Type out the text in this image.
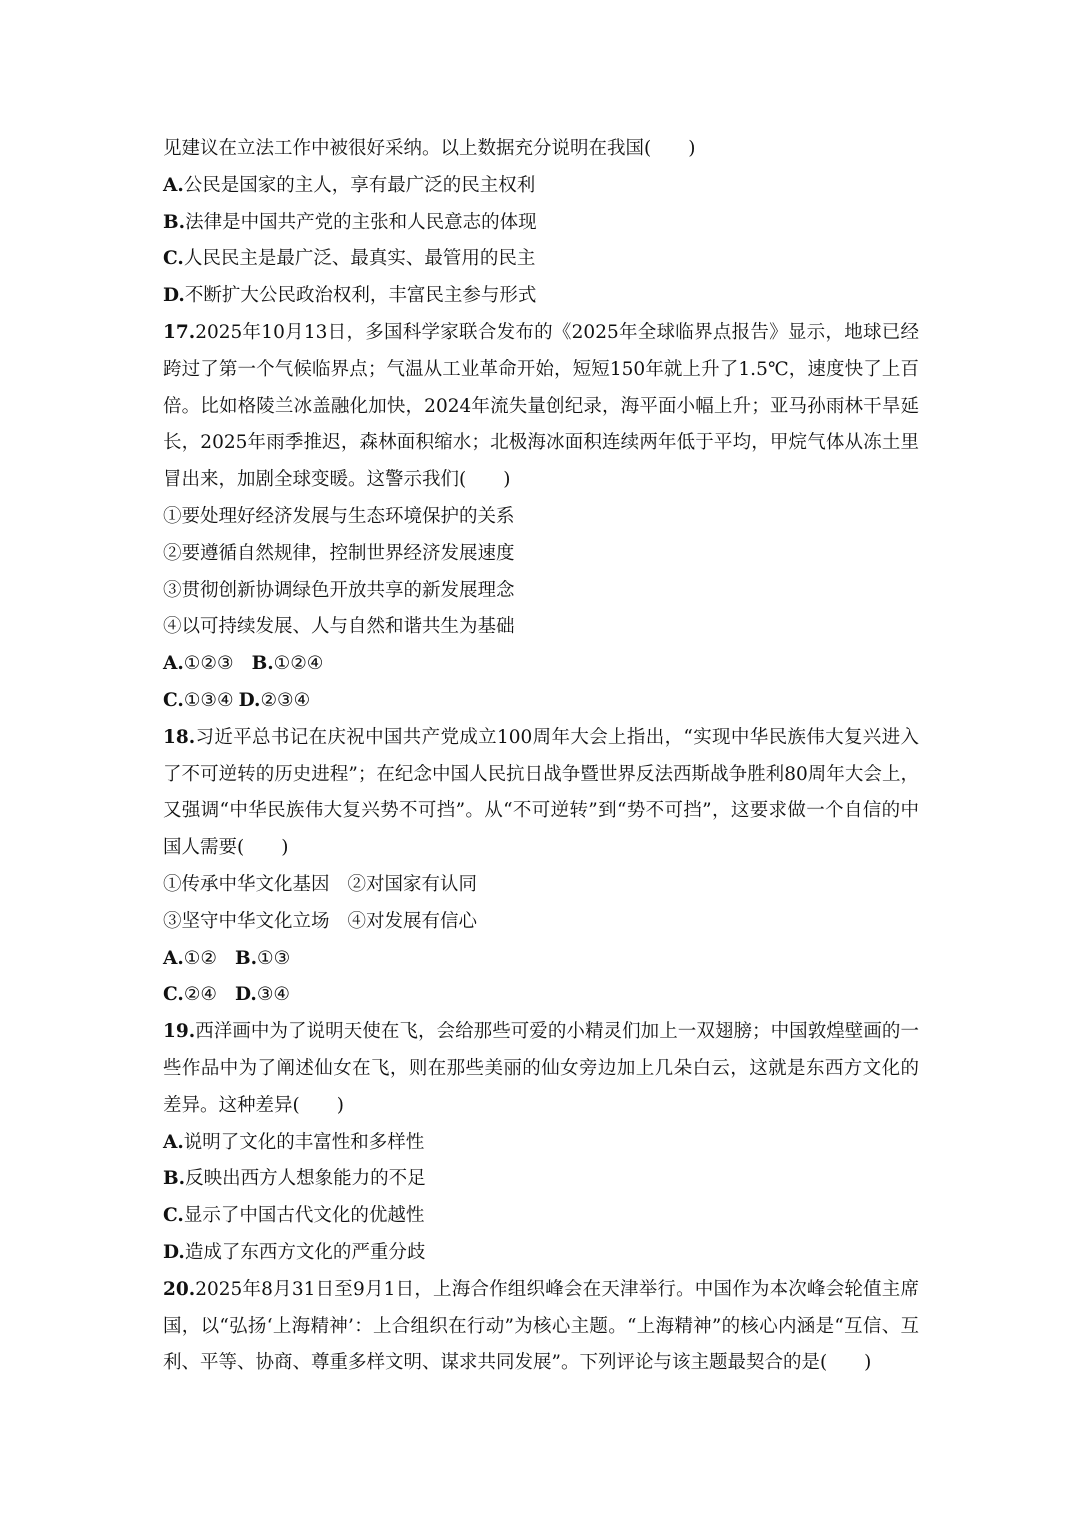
见建议在立法工作中被很好采纳。以上数据充分说明在我国(　　)
A.公民是国家的主人，享有最广泛的民主权利
B.法律是中国共产党的主张和人民意志的体现
C.人民民主是最广泛、最真实、最管用的民主
D.不断扩大公民政治权利，丰富民主参与形式
17.2025年10月13日，多国科学家联合发布的《2025年全球临界点报告》显示，地球已经跨过了第一个气候临界点；气温从工业革命开始，短短150年就上升了1.5℃，速度快了上百倍。比如格陵兰冰盖融化加快，2024年流失量创纪录，海平面小幅上升；亚马孙雨林干旱延长，2025年雨季推迟，森林面积缩水；北极海冰面积连续两年低于平均，甲烷气体从冻土里冒出来，加剧全球变暖。这警示我们(　　)
①要处理好经济发展与生态环境保护的关系
②要遵循自然规律，控制世界经济发展速度
③贯彻创新协调绿色开放共享的新发展理念
④以可持续发展、人与自然和谐共生为基础
A.①②③ B.①②④
C.①③④ D.②③④
18.习近平总书记在庆祝中国共产党成立100周年大会上指出，“实现中华民族伟大复兴进入了不可逆转的历史进程”；在纪念中国人民抗日战争暨世界反法西斯战争胜利80周年大会上，又强调“中华民族伟大复兴势不可挡”。从“不可逆转”到“势不可挡”，这要求做一个自信的中国人需要(　　)
①传承中华文化基因 ②对国家有认同
③坚守中华文化立场 ④对发展有信心
A.①② B.①③
C.②④ D.③④
19.西洋画中为了说明天使在飞，会给那些可爱的小精灵们加上一双翅膀；中国敦煌壁画的一些作品中为了阐述仙女在飞，则在那些美丽的仙女旁边加上几朵白云，这就是东西方文化的差异。这种差异(　　)
A.说明了文化的丰富性和多样性
B.反映出西方人想象能力的不足
C.显示了中国古代文化的优越性
D.造成了东西方文化的严重分歧
20.2025年8月31日至9月1日，上海合作组织峰会在天津举行。中国作为本次峰会轮值主席国，以“弘扬‘上海精神’：上合组织在行动”为核心主题。“上海精神”的核心内涵是“互信、互利、平等、协商、尊重多样文明、谋求共同发展”。下列评论与该主题最契合的是(　　)
